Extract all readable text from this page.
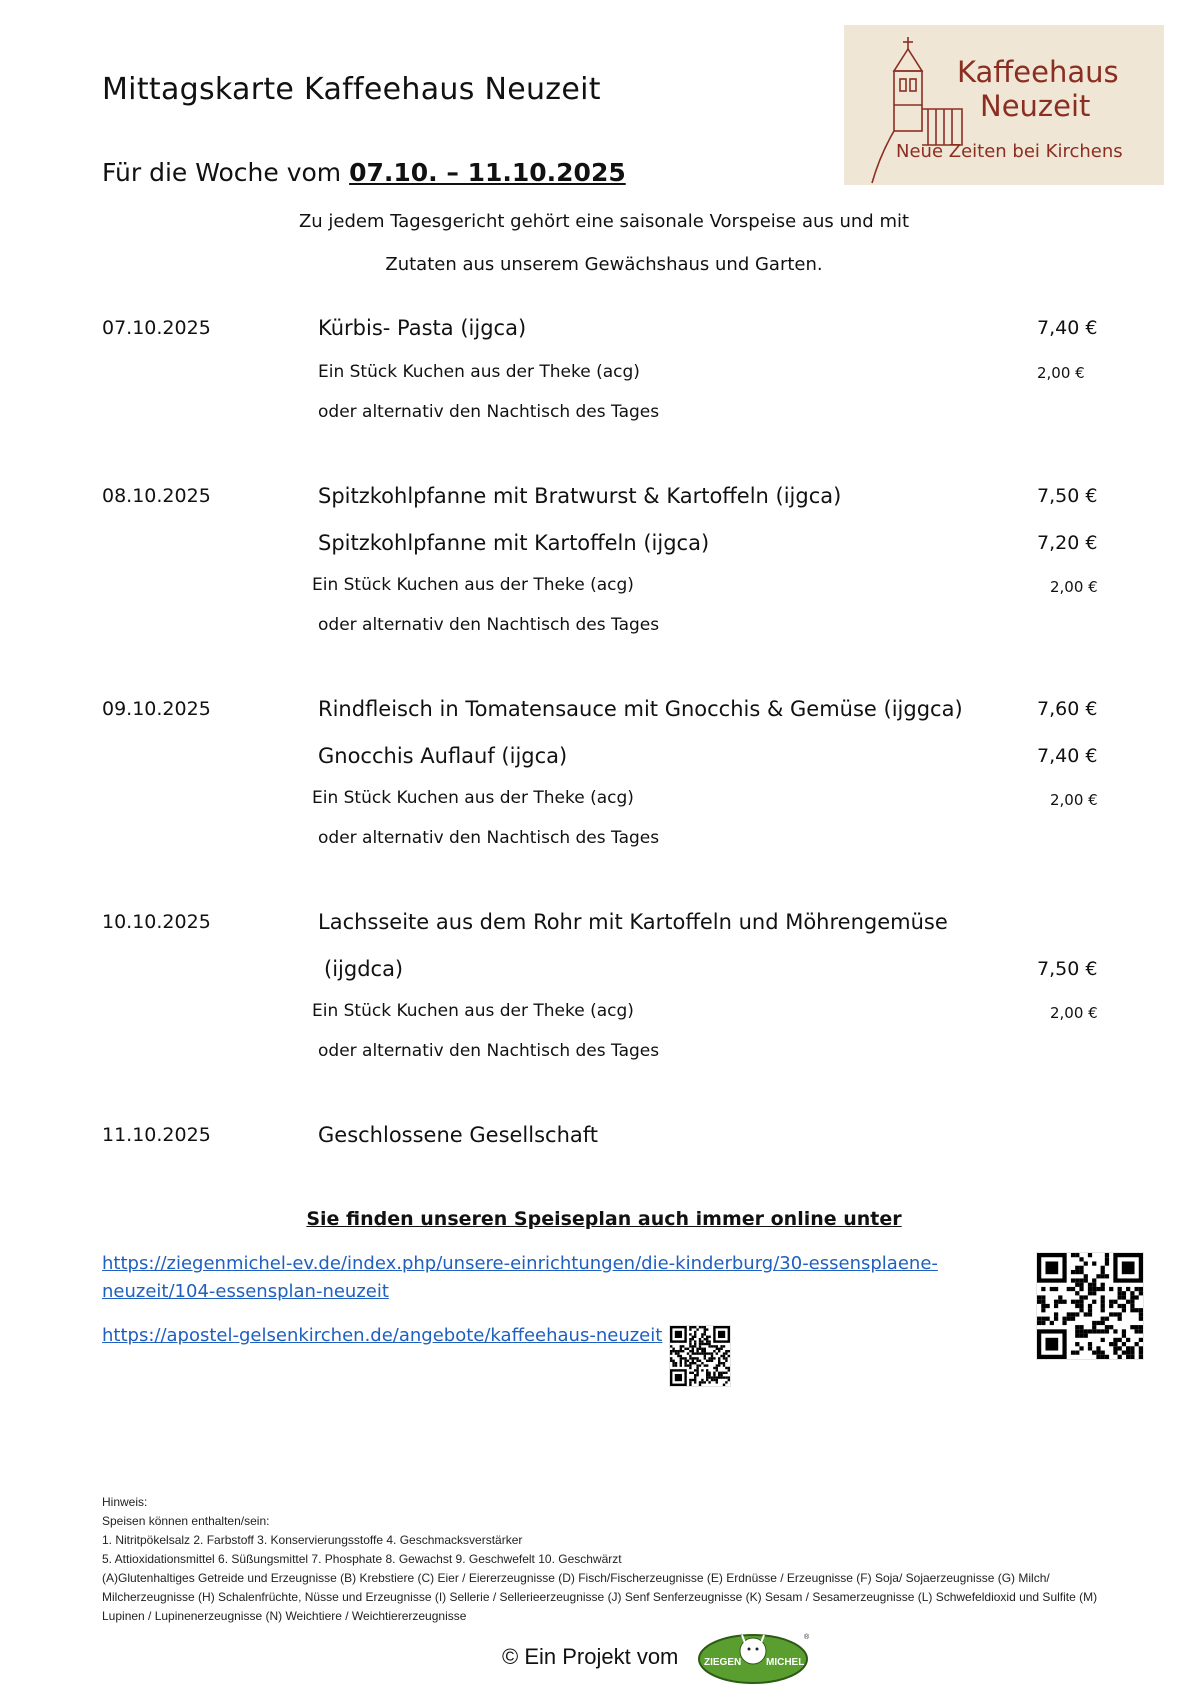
Mittagskarte Kaffeehaus Neuzeit
Für die Woche vom 07.10. – 11.10.2025
Kaffeehaus
Neuzeit
Neue Zeiten bei Kirchens
Zu jedem Tagesgericht gehört eine saisonale Vorspeise aus und mit
Zutaten aus unserem Gewächshaus und Garten.
07.10.2025	Kürbis- Pasta (ijgca)	7,40 €
Ein Stück Kuchen aus der Theke (acg)	2,00 €
oder alternativ den Nachtisch des Tages
08.10.2025	Spitzkohlpfanne mit Bratwurst & Kartoffeln (ijgca)	7,50 €
Spitzkohlpfanne mit Kartoffeln (ijgca)	7,20 €
Ein Stück Kuchen aus der Theke (acg)	2,00 €
oder alternativ den Nachtisch des Tages
09.10.2025	Rindfleisch in Tomatensauce mit Gnocchis & Gemüse (ijggca)	7,60 €
Gnocchis Auflauf (ijgca)	7,40 €
Ein Stück Kuchen aus der Theke (acg)	2,00 €
oder alternativ den Nachtisch des Tages
10.10.2025	Lachsseite aus dem Rohr mit Kartoffeln und Möhrengemüse
(ijgdca)	7,50 €
Ein Stück Kuchen aus der Theke (acg)	2,00 €
oder alternativ den Nachtisch des Tages
11.10.2025	Geschlossene Gesellschaft
Sie finden unseren Speiseplan auch immer online unter
https://ziegenmichel-ev.de/index.php/unsere-einrichtungen/die-kinderburg/30-essensplaene-neuzeit/104-essensplan-neuzeit
https://apostel-gelsenkirchen.de/angebote/kaffeehaus-neuzeit
Hinweis:
Speisen können enthalten/sein:
1. Nitritpökelsalz 2. Farbstoff 3. Konservierungsstoffe 4. Geschmacksverstärker
5. Attioxidationsmittel 6. Süßungsmittel 7. Phosphate 8. Gewachst 9. Geschwefelt 10. Geschwärzt
(A)Glutenhaltiges Getreide und Erzeugnisse (B) Krebstiere (C) Eier / Eiererzeugnisse (D) Fisch/Fischerzeugnisse (E) Erdnüsse / Erzeugnisse (F) Soja/ Sojaerzeugnisse (G) Milch/ Milcherzeugnisse (H) Schalenfrüchte, Nüsse und Erzeugnisse (I) Sellerie / Sellerieerzeugnisse (J) Senf Senferzeugnisse (K) Sesam / Sesamerzeugnisse (L) Schwefeldioxid und Sulfite (M) Lupinen / Lupinenerzeugnisse (N) Weichtiere / Weichtiererzeugnisse
© Ein Projekt vom	ZIEGEN MICHEL
®
